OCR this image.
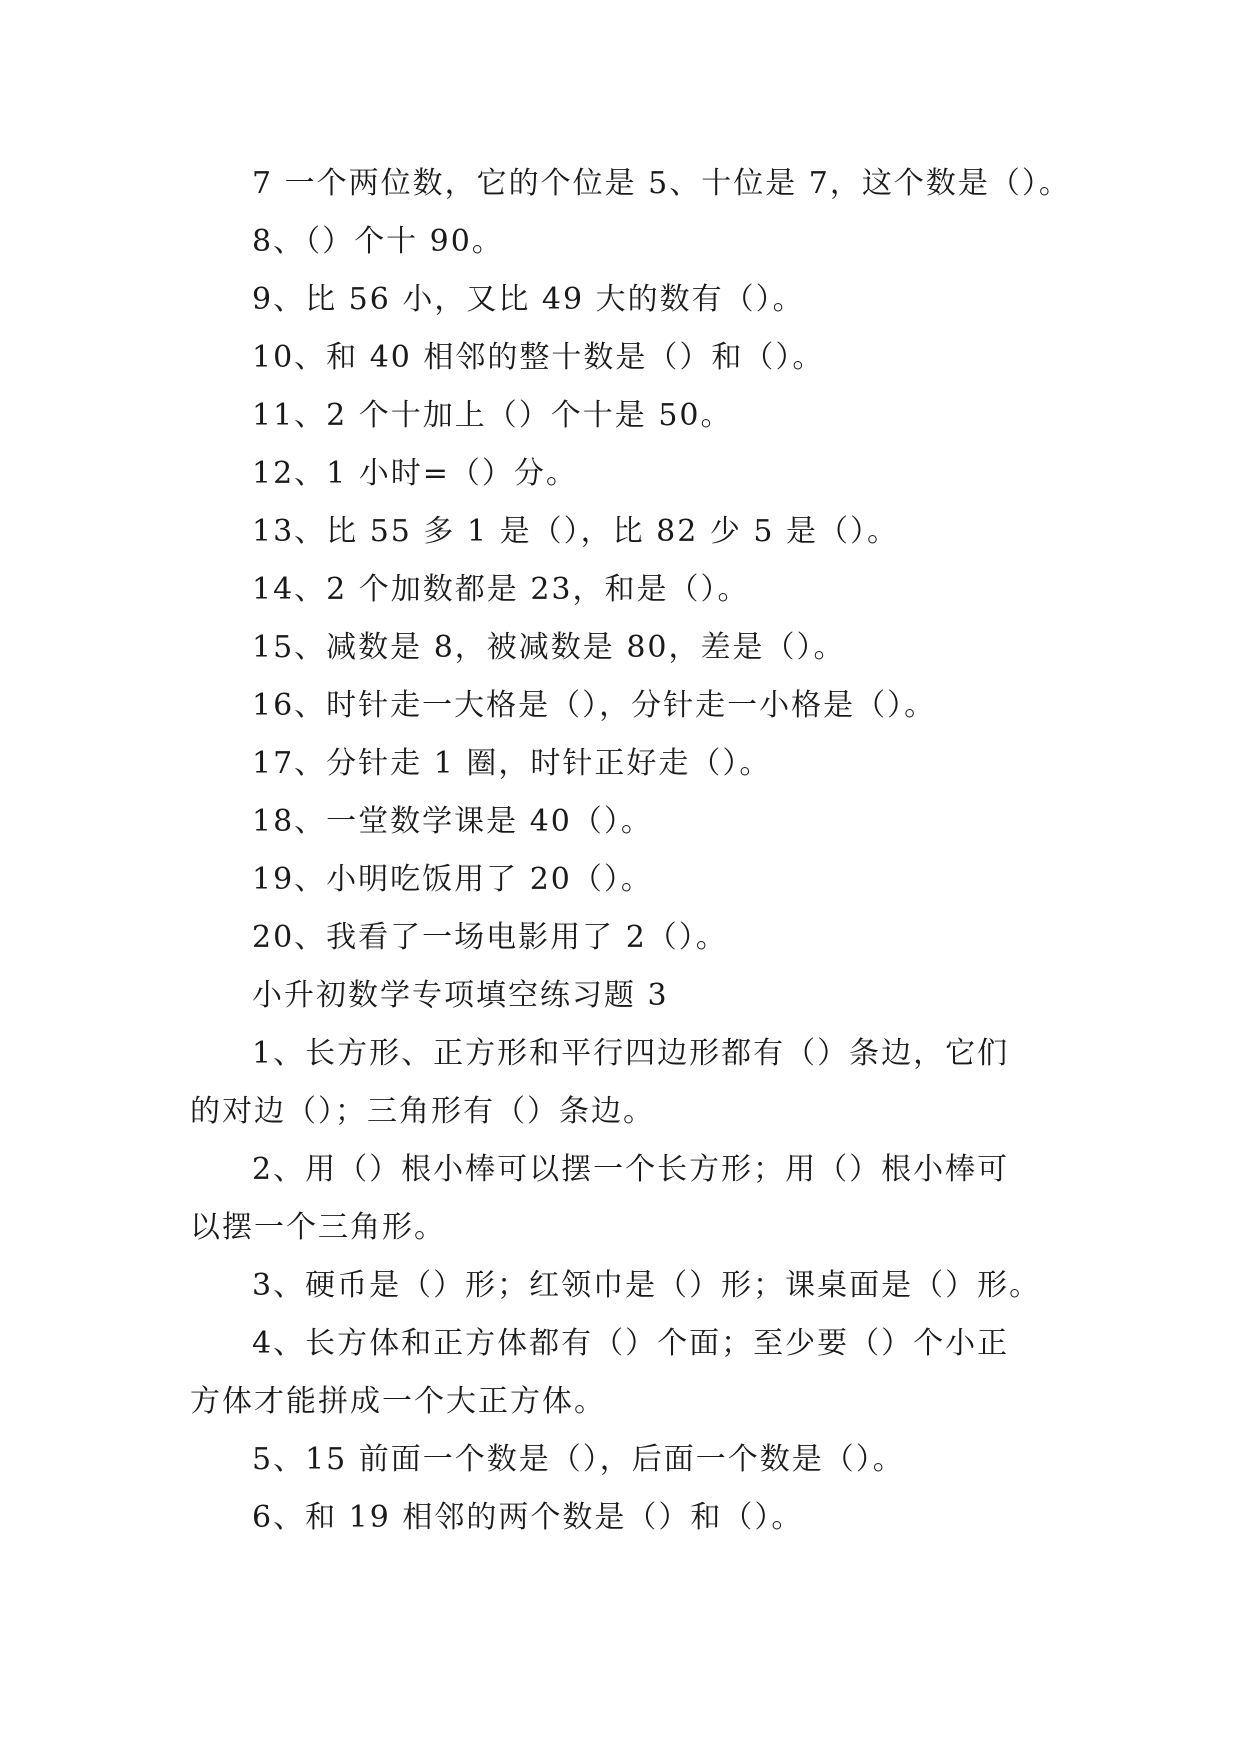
7 一个两位数，它的个位是 5、十位是 7，这个数是（）。
8、（）个十 90。
9、比 56 小，又比 49 大的数有（）。
10、和 40 相邻的整十数是（）和（）。
11、2 个十加上（）个十是 50。
12、1 小时=（）分。
13、比 55 多 1 是（），比 82 少 5 是（）。
14、2 个加数都是 23，和是（）。
15、减数是 8，被减数是 80，差是（）。
16、时针走一大格是（），分针走一小格是（）。
17、分针走 1 圈，时针正好走（）。
18、一堂数学课是 40（）。
19、小明吃饭用了 20（）。
20、我看了一场电影用了 2（）。
小升初数学专项填空练习题 3
1、长方形、正方形和平行四边形都有（）条边，它们
的对边（）；三角形有（）条边。
2、用（）根小棒可以摆一个长方形；用（）根小棒可
以摆一个三角形。
3、硬币是（）形；红领巾是（）形；课桌面是（）形。
4、长方体和正方体都有（）个面；至少要（）个小正
方体才能拼成一个大正方体。
5、15 前面一个数是（），后面一个数是（）。
6、和 19 相邻的两个数是（）和（）。
